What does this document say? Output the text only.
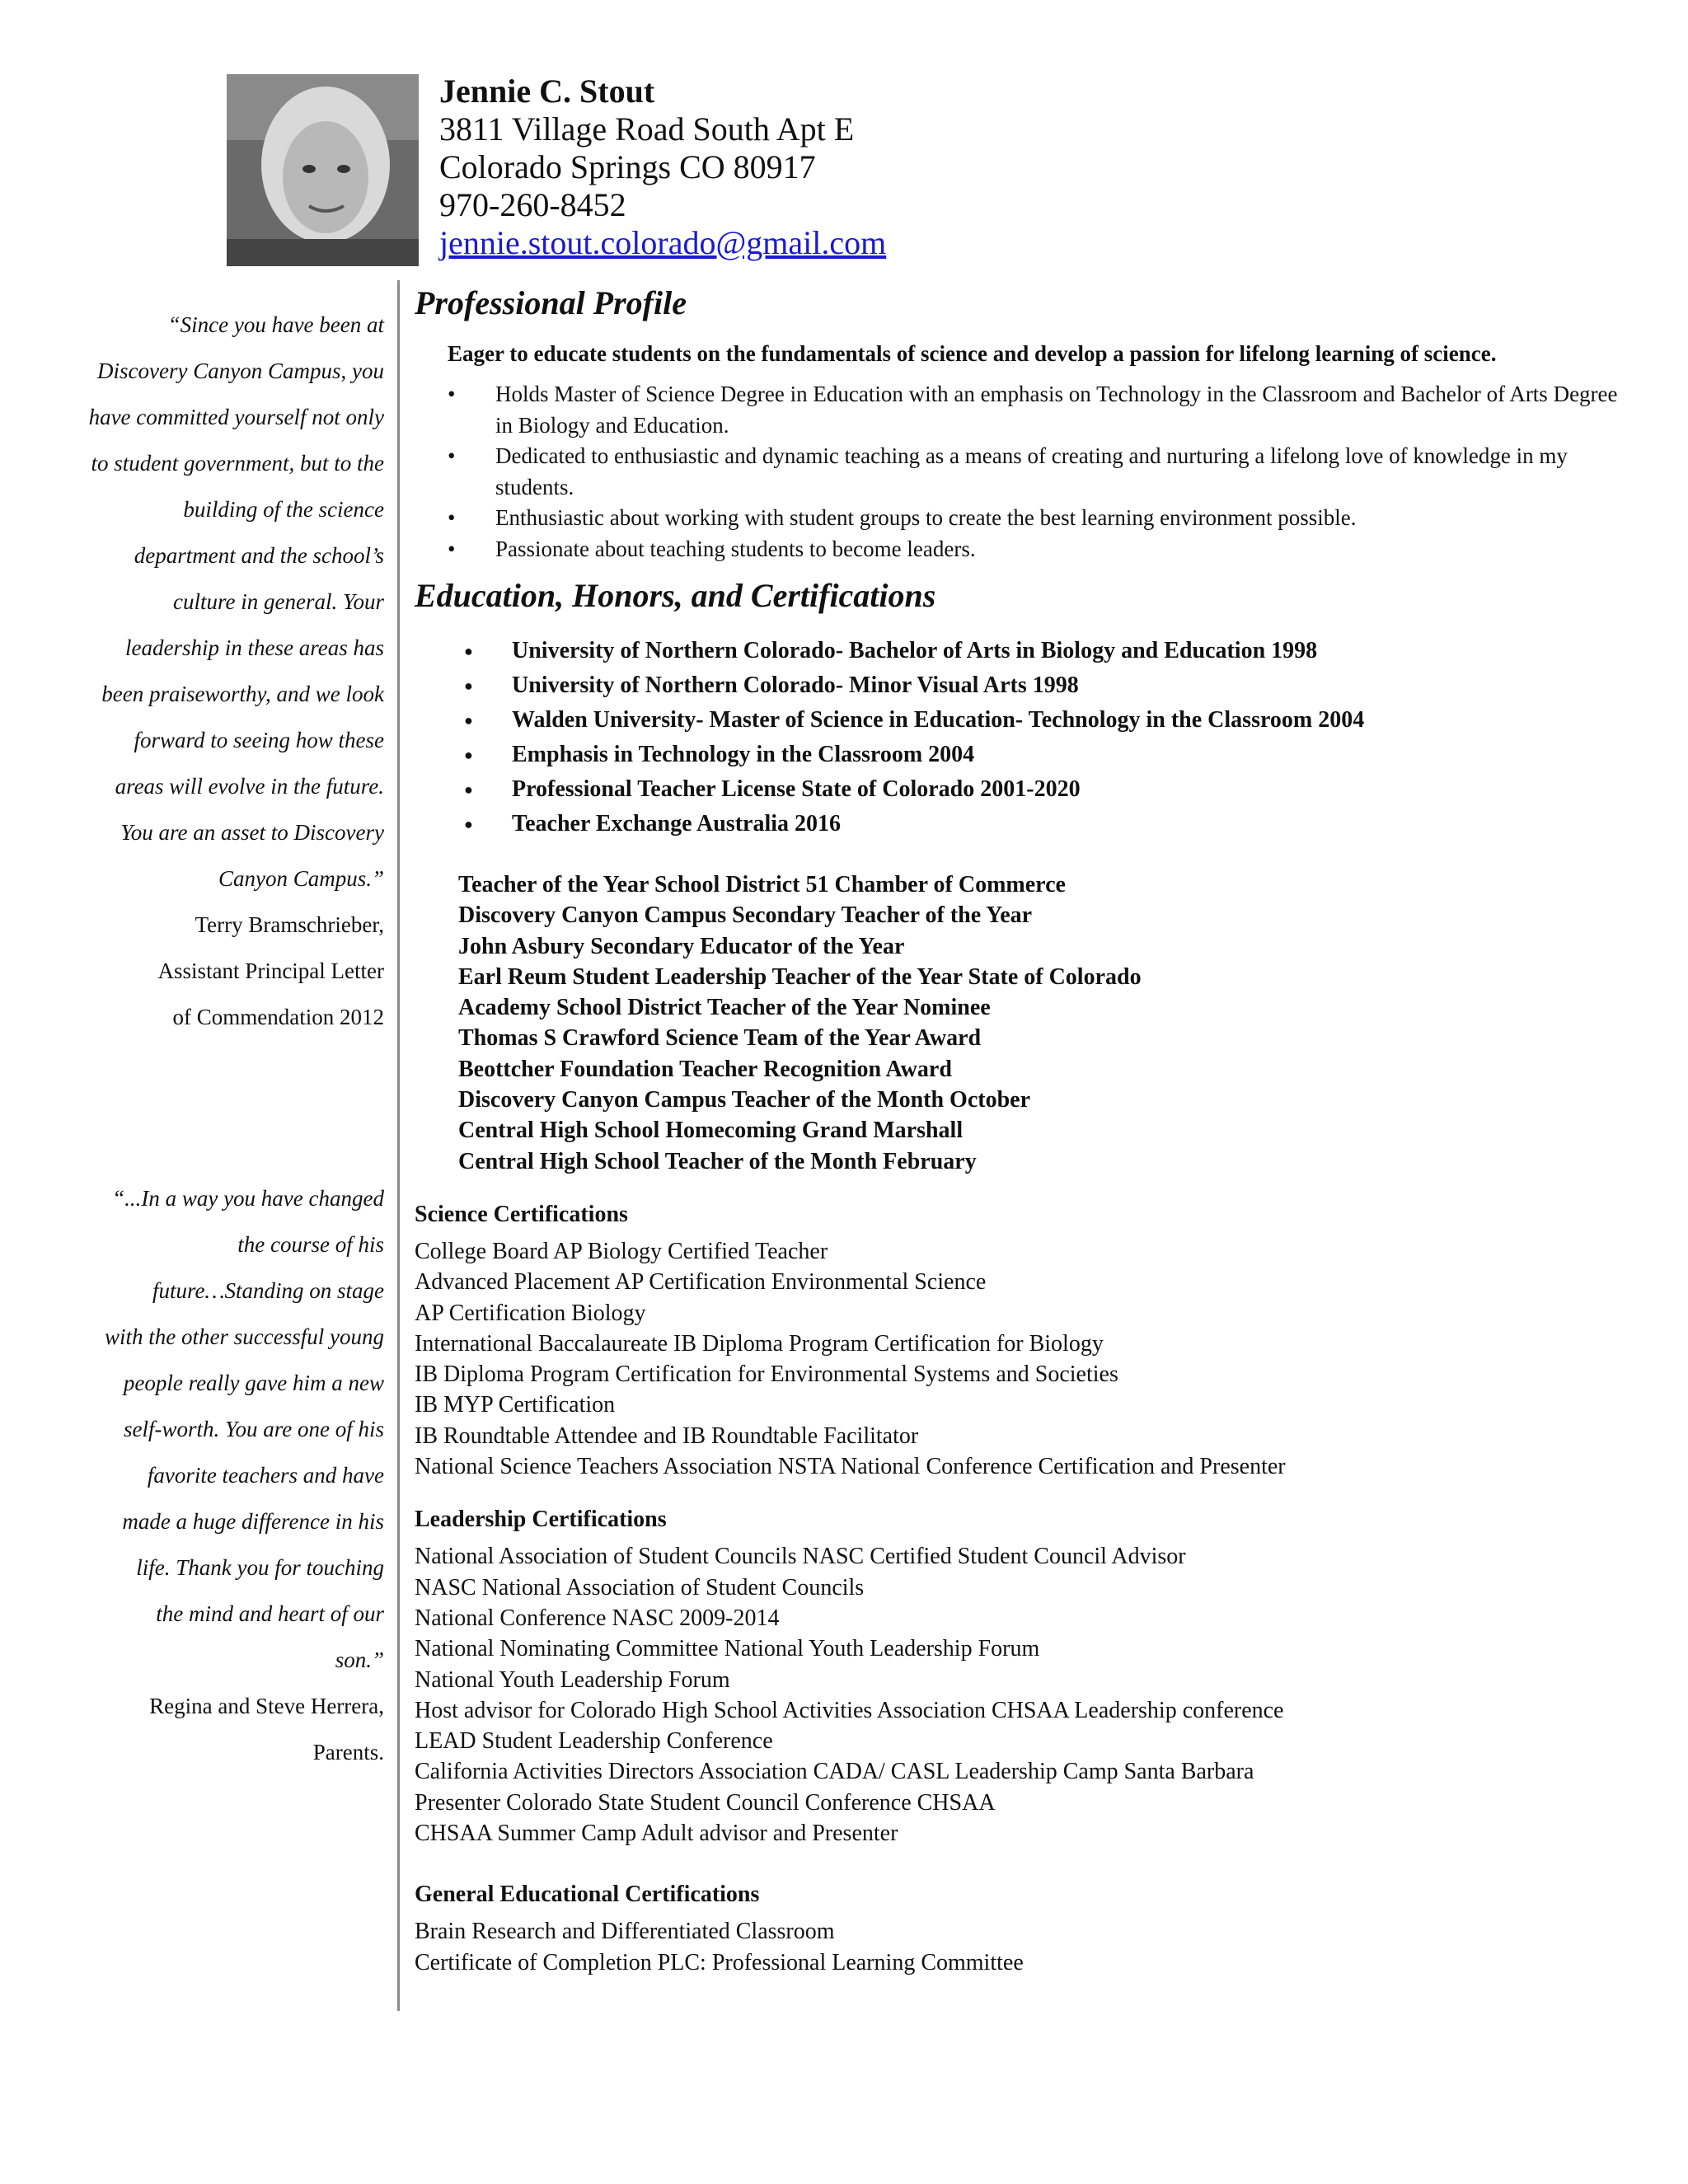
Jennie C. Stout
3811 Village Road South Apt E
Colorado Springs CO 80917
970-260-8452
jennie.stout.colorado@gmail.com
“Since you have been at
Discovery Canyon Campus, you
have committed yourself not only
to student government, but to the
building of the science
department and the school’s
culture in general. Your
leadership in these areas has
been praiseworthy, and we look
forward to seeing how these
areas will evolve in the future.
You are an asset to Discovery
Canyon Campus.”
Terry Bramschrieber,
Assistant Principal Letter
of Commendation 2012
“...In a way you have changed
the course of his
future…Standing on stage
with the other successful young
people really gave him a new
self-worth. You are one of his
favorite teachers and have
made a huge difference in his
life. Thank you for touching
the mind and heart of our
son.”
Regina and Steve Herrera,
Parents.
Professional Profile
Eager to educate students on the fundamentals of science and develop a passion for lifelong learning of science.
• Holds Master of Science Degree in Education with an emphasis on Technology in the Classroom and Bachelor of Arts Degree in Biology and Education.
• Dedicated to enthusiastic and dynamic teaching as a means of creating and nurturing a lifelong love of knowledge in my students.
• Enthusiastic about working with student groups to create the best learning environment possible.
• Passionate about teaching students to become leaders.
Education, Honors, and Certifications
● University of Northern Colorado- Bachelor of Arts in Biology and Education 1998
● University of Northern Colorado- Minor Visual Arts 1998
● Walden University- Master of Science in Education- Technology in the Classroom 2004
● Emphasis in Technology in the Classroom 2004
● Professional Teacher License State of Colorado 2001-2020
● Teacher Exchange Australia 2016
Teacher of the Year School District 51 Chamber of Commerce
Discovery Canyon Campus Secondary Teacher of the Year
John Asbury Secondary Educator of the Year
Earl Reum Student Leadership Teacher of the Year State of Colorado
Academy School District Teacher of the Year Nominee
Thomas S Crawford Science Team of the Year Award
Beottcher Foundation Teacher Recognition Award
Discovery Canyon Campus Teacher of the Month October
Central High School Homecoming Grand Marshall
Central High School Teacher of the Month February
Science Certifications
College Board AP Biology Certified Teacher
Advanced Placement AP Certification Environmental Science
AP Certification Biology
International Baccalaureate IB Diploma Program Certification for Biology
IB Diploma Program Certification for Environmental Systems and Societies
IB MYP Certification
IB Roundtable Attendee and IB Roundtable Facilitator
National Science Teachers Association NSTA National Conference Certification and Presenter
Leadership Certifications
National Association of Student Councils NASC Certified Student Council Advisor
NASC National Association of Student Councils
National Conference NASC 2009-2014
National Nominating Committee National Youth Leadership Forum
National Youth Leadership Forum
Host advisor for Colorado High School Activities Association CHSAA Leadership conference
LEAD Student Leadership Conference
California Activities Directors Association CADA/ CASL Leadership Camp Santa Barbara
Presenter Colorado State Student Council Conference CHSAA
CHSAA Summer Camp Adult advisor and Presenter
General Educational Certifications
Brain Research and Differentiated Classroom
Certificate of Completion PLC: Professional Learning Committee
